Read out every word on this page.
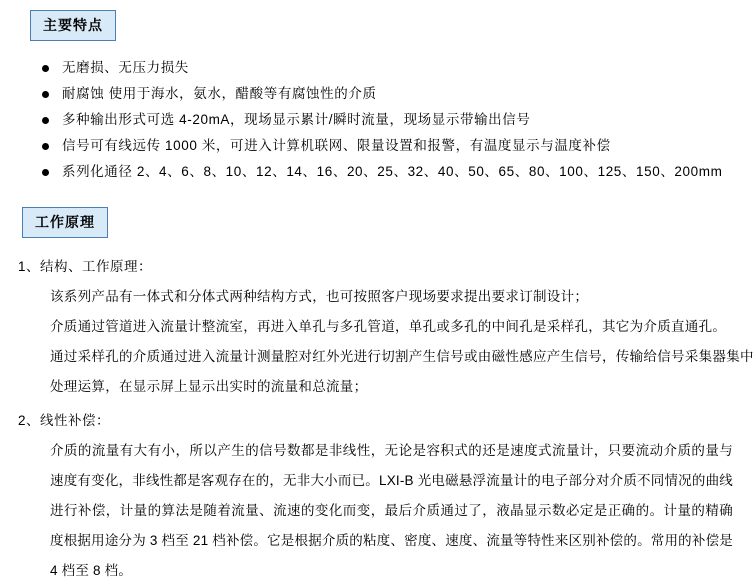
主要特点
无磨损、无压力损失
耐腐蚀 使用于海水，氨水，醋酸等有腐蚀性的介质
多种输出形式可选 4-20mA，现场显示累计/瞬时流量，现场显示带输出信号
信号可有线远传 1000 米，可进入计算机联网、限量设置和报警，有温度显示与温度补偿
系列化通径 2、4、6、8、10、12、14、16、20、25、32、40、50、65、80、100、125、150、200mm
工作原理
1、结构、工作原理：
该系列产品有一体式和分体式两种结构方式，也可按照客户现场要求提出要求订制设计；
介质通过管道进入流量计整流室，再进入单孔与多孔管道，单孔或多孔的中间孔是采样孔，其它为介质直通孔。
通过采样孔的介质通过进入流量计测量腔对红外光进行切割产生信号或由磁性感应产生信号，传输给信号采集器集中
处理运算，在显示屏上显示出实时的流量和总流量；
2、线性补偿：
介质的流量有大有小，所以产生的信号数都是非线性，无论是容积式的还是速度式流量计，只要流动介质的量与速度有变化，非线性都是客观存在的，无非大小而已。LXI-B 光电磁悬浮流量计的电子部分对介质不同情况的曲线进行补偿，计量的算法是随着流量、流速的变化而变，最后介质通过了，液晶显示数必定是正确的。计量的精确度根据用途分为 3 档至 21 档补偿。它是根据介质的粘度、密度、速度、流量等特性来区别补偿的。常用的补偿是 4 档至 8 档。
